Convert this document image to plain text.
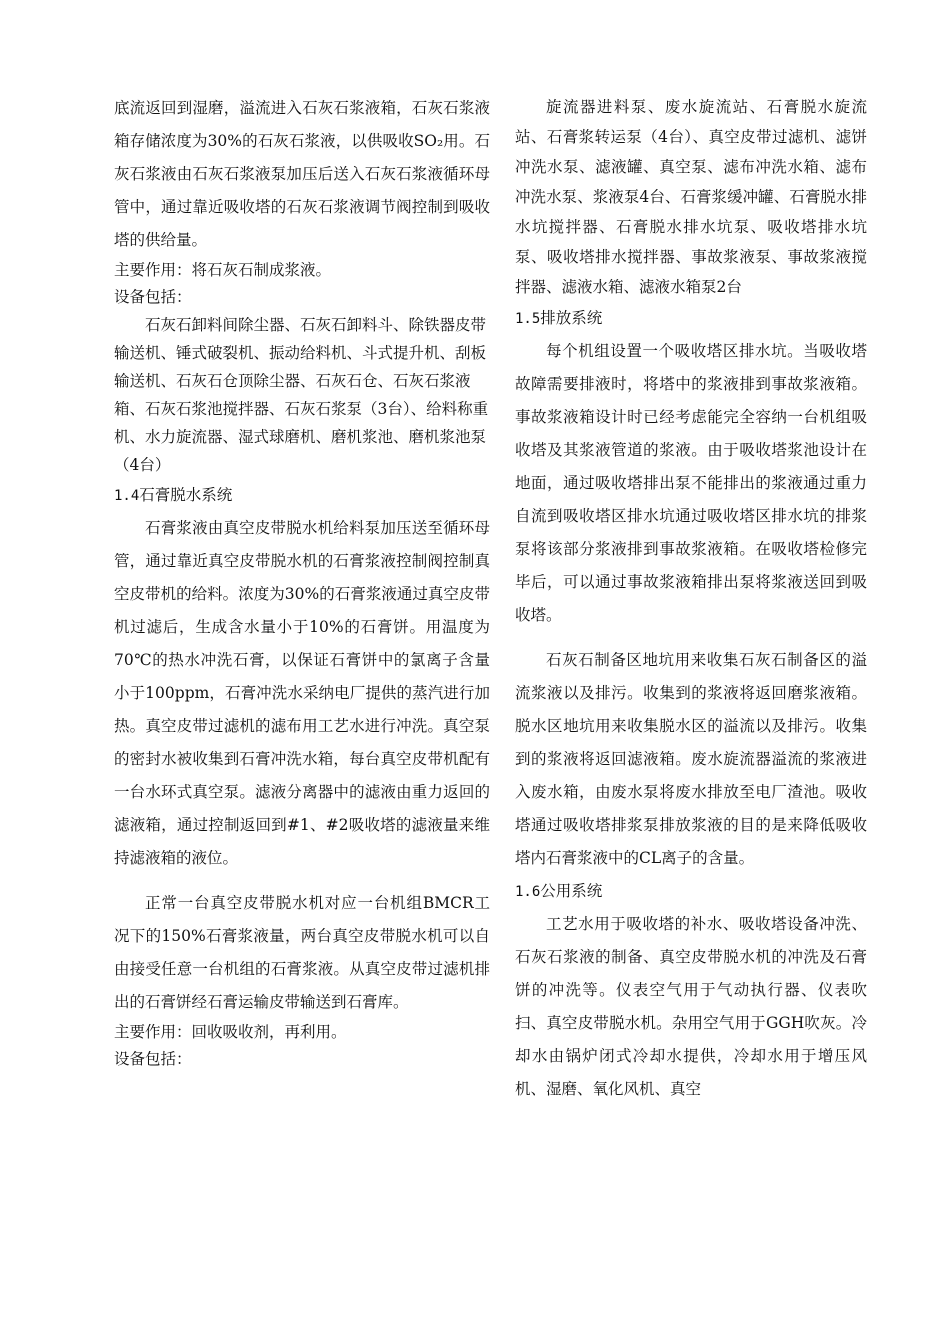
底流返回到湿磨，溢流进入石灰石浆液箱，石灰石浆液箱存储浓度为30%的石灰石浆液，以供吸收SO₂用。石灰石浆液由石灰石浆液泵加压后送入石灰石浆液循环母管中，通过靠近吸收塔的石灰石浆液调节阀控制到吸收塔的供给量。

主要作用：将石灰石制成浆液。

设备包括：

石灰石卸料间除尘器、石灰石卸料斗、除铁器皮带输送机、锤式破裂机、振动给料机、斗式提升机、刮板输送机、石灰石仓顶除尘器、石灰石仓、石灰石浆液箱、石灰石浆池搅拌器、石灰石浆泵（3台）、给料称重机、水力旋流器、湿式球磨机、磨机浆池、磨机浆池泵（4台）

1.4石膏脱水系统

石膏浆液由真空皮带脱水机给料泵加压送至循环母管，通过靠近真空皮带脱水机的石膏浆液控制阀控制真空皮带机的给料。浓度为30%的石膏浆液通过真空皮带机过滤后，生成含水量小于10%的石膏饼。用温度为70℃的热水冲洗石膏，以保证石膏饼中的氯离子含量小于100ppm，石膏冲洗水采纳电厂提供的蒸汽进行加热。真空皮带过滤机的滤布用工艺水进行冲洗。真空泵的密封水被收集到石膏冲洗水箱，每台真空皮带机配有一台水环式真空泵。滤液分离器中的滤液由重力返回的滤液箱，通过控制返回到#1、#2吸收塔的滤液量来维持滤液箱的液位。

正常一台真空皮带脱水机对应一台机组BMCR工况下的150%石膏浆液量，两台真空皮带脱水机可以自由接受任意一台机组的石膏浆液。从真空皮带过滤机排出的石膏饼经石膏运输皮带输送到石膏库。

主要作用：回收吸收剂，再利用。

设备包括：

旋流器进料泵、废水旋流站、石膏脱水旋流站、石膏浆转运泵（4台）、真空皮带过滤机、滤饼冲洗水泵、滤液罐、真空泵、滤布冲洗水箱、滤布冲洗水泵、浆液泵4台、石膏浆缓冲罐、石膏脱水排水坑搅拌器、石膏脱水排水坑泵、吸收塔排水坑泵、吸收塔排水搅拌器、事故浆液泵、事故浆液搅拌器、滤液水箱、滤液水箱泵2台

1.5排放系统

每个机组设置一个吸收塔区排水坑。当吸收塔故障需要排液时，将塔中的浆液排到事故浆液箱。事故浆液箱设计时已经考虑能完全容纳一台机组吸收塔及其浆液管道的浆液。由于吸收塔浆池设计在地面，通过吸收塔排出泵不能排出的浆液通过重力自流到吸收塔区排水坑通过吸收塔区排水坑的排浆泵将该部分浆液排到事故浆液箱。在吸收塔检修完毕后，可以通过事故浆液箱排出泵将浆液送回到吸收塔。

石灰石制备区地坑用来收集石灰石制备区的溢流浆液以及排污。收集到的浆液将返回磨浆液箱。脱水区地坑用来收集脱水区的溢流以及排污。收集到的浆液将返回滤液箱。废水旋流器溢流的浆液进入废水箱，由废水泵将废水排放至电厂渣池。吸收塔通过吸收塔排浆泵排放浆液的目的是来降低吸收塔内石膏浆液中的CL离子的含量。

1.6公用系统

工艺水用于吸收塔的补水、吸收塔设备冲洗、石灰石浆液的制备、真空皮带脱水机的冲洗及石膏饼的冲洗等。仪表空气用于气动执行器、仪表吹扫、真空皮带脱水机。杂用空气用于GGH吹灰。冷却水由锅炉闭式冷却水提供，冷却水用于增压风机、湿磨、氧化风机、真空
